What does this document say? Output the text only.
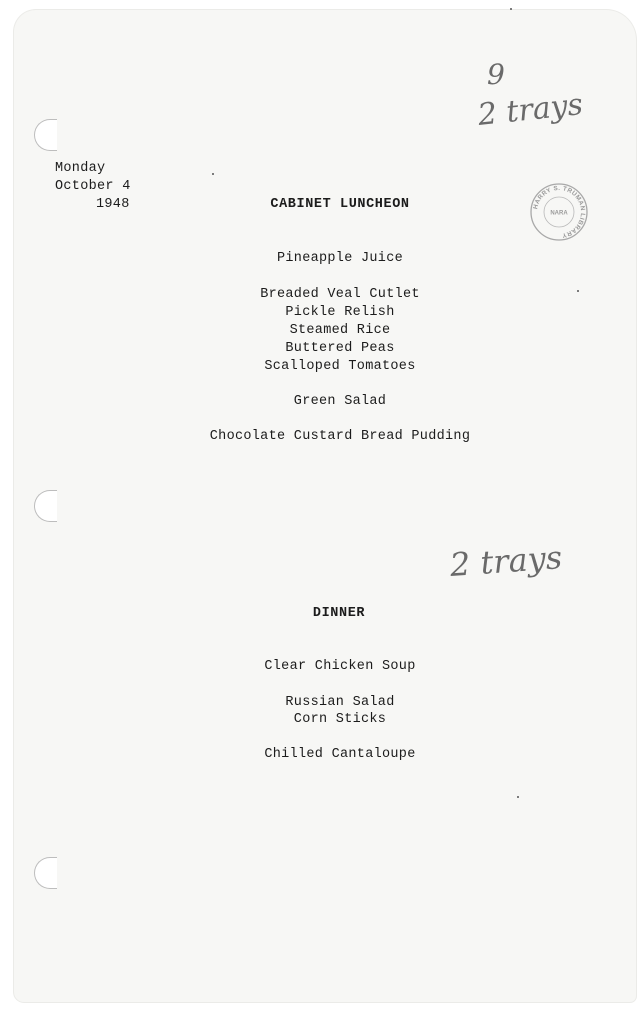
Monday
October 4
1948	CABINET LUNCHEON
Pineapple Juice
Breaded Veal Cutlet
Pickle Relish
Steamed Rice
Buttered Peas
Scalloped Tomatoes
Green Salad
Chocolate Custard Bread Pudding
DINNER
Clear Chicken Soup
Russian Salad
Corn Sticks
Chilled Cantaloupe
9
2 trays
2 trays
HARRY S. TRUMAN LIBRARY
NARA
